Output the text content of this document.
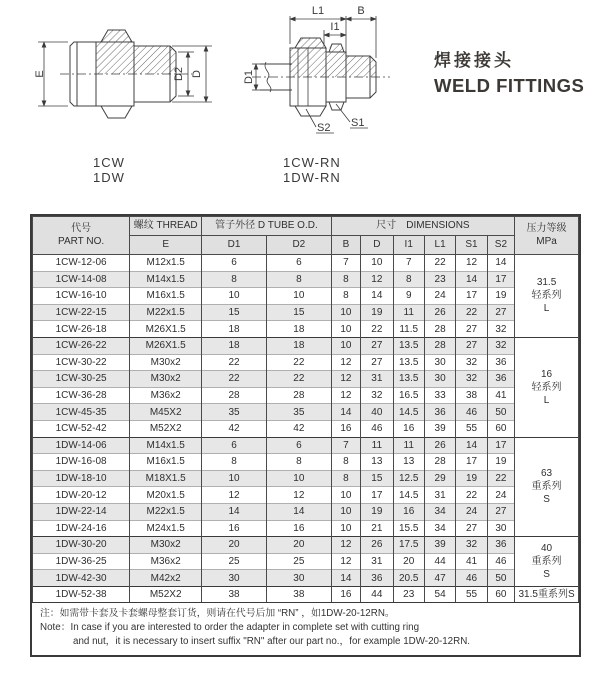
E	D2 D
L1	B
I1
D1
S2 S1
1CW
1DW
1CW-RN
1DW-RN
焊接接头
WELD FITTINGS
代号
PART NO.
	螺纹 THREAD	管子外径 D TUBE O.D.	尺寸　DIMENSIONS	压力等级
MPa

	E	D1	D2	B	D	I1	L1	S1	S2	
1CW-12-06	M12x1.5	6	6	7	10	7	22	12	14	31.5
轻系列
L
1CW-14-08	M14x1.5	8	8	8	12	8	23	14	17	
1CW-16-10	M16x1.5	10	10	8	14	9	24	17	19	
1CW-22-15	M22x1.5	15	15	10	19	11	26	22	27	
1CW-26-18	M26X1.5	18	18	10	22	11.5	28	27	32	
1CW-26-22	M26X1.5	18	18	10	27	13.5	28	27	32	16
轻系列
L
1CW-30-22	M30x2	22	22	12	27	13.5	30	32	36	
1CW-30-25	M30x2	22	22	12	31	13.5	30	32	36	
1CW-36-28	M36x2	28	28	12	32	16.5	33	38	41	
1CW-45-35	M45X2	35	35	14	40	14.5	36	46	50	
1CW-52-42	M52X2	42	42	16	46	16	39	55	60	
1DW-14-06	M14x1.5	6	6	7	11	11	26	14	17	63
重系列
S
1DW-16-08	M16x1.5	8	8	8	13	13	28	17	19	
1DW-18-10	M18X1.5	10	10	8	15	12.5	29	19	22	
1DW-20-12	M20x1.5	12	12	10	17	14.5	31	22	24	
1DW-22-14	M22x1.5	14	14	10	19	16	34	24	27	
1DW-24-16	M24x1.5	16	16	10	21	15.5	34	27	30	
1DW-30-20	M30x2	20	20	12	26	17.5	39	32	36	40
重系列
S
1DW-36-25	M36x2	25	25	12	31	20	44	41	46	
1DW-42-30	M42x2	30	30	14	36	20.5	47	46	50	
1DW-52-38	M52X2	38	38	16	44	23	54	55	60	31.5重系列S
注：如需带卡套及卡套螺母整套订货，则请在代号后加 “RN” ，如1DW-20-12RN。
Note：In case if you are interested to order the adapter in complete set with cutting ring
and nut，it is necessary to insert suffix "RN" after our part no.，for example 1DW-20-12RN.
